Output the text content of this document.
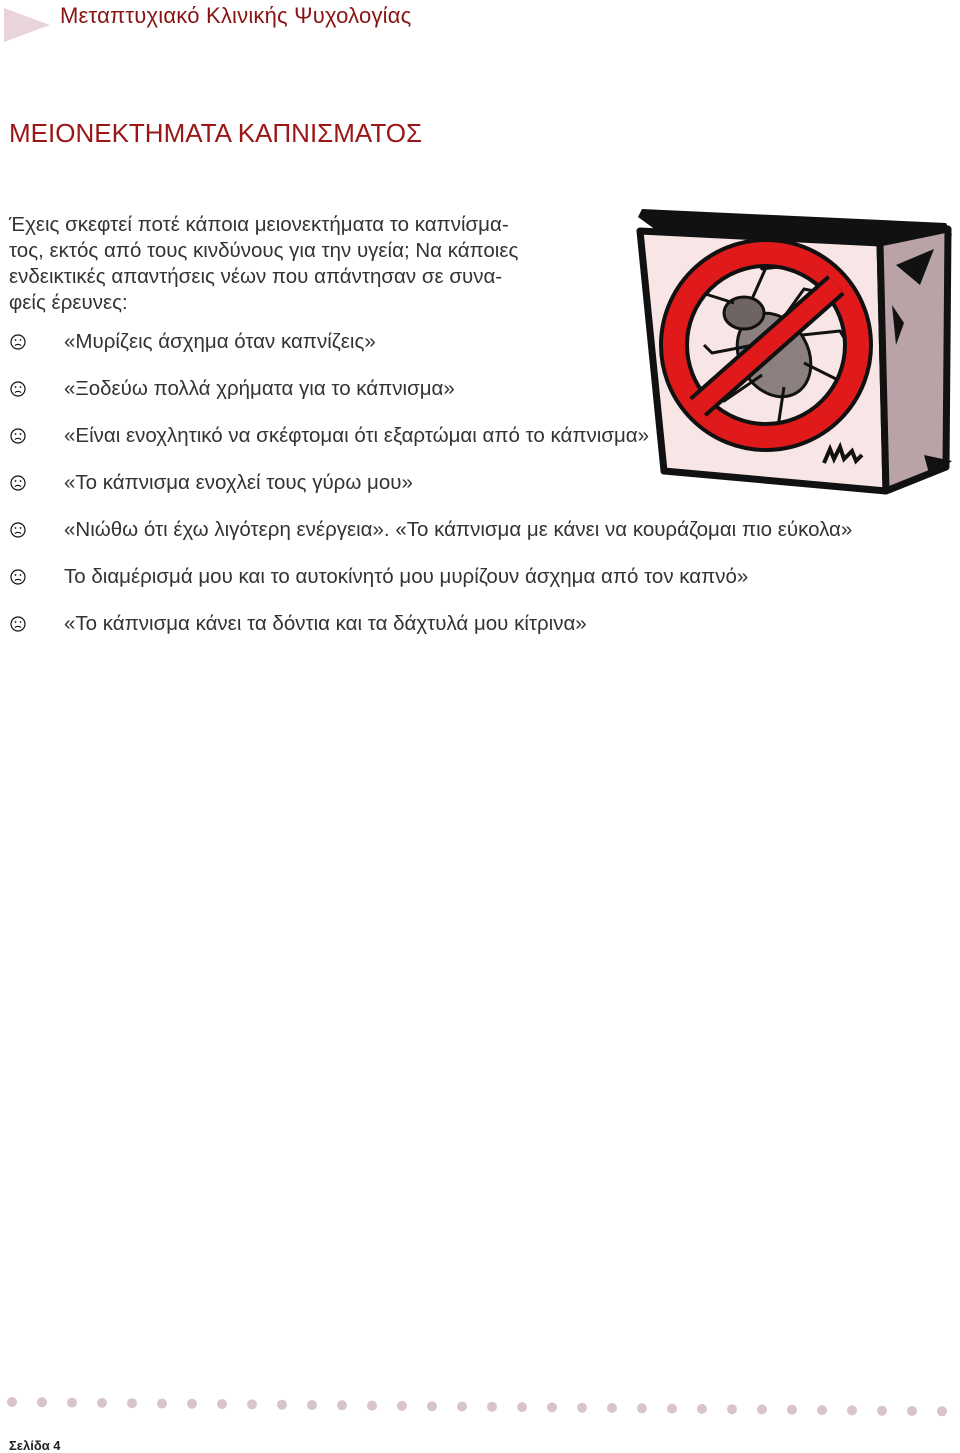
Μεταπτυχιακό Κλινικής Ψυχολογίας
ΜΕΙΟΝΕΚΤΗΜΑΤΑ ΚΑΠΝΙΣΜΑΤΟΣ
Έχεις σκεφτεί ποτέ κάποια μειονεκτήματα το καπνίσμα-
τος, εκτός από τους κινδύνους για την υγεία; Να κάποιες
ενδεικτικές απαντήσεις νέων που απάντησαν σε συνα-
φείς έρευνες:
«Μυρίζεις άσχημα όταν καπνίζεις»
«Ξοδεύω πολλά χρήματα για το κάπνισμα»
«Είναι ενοχλητικό να σκέφτομαι ότι εξαρτώμαι από το κάπνισμα»
«Το κάπνισμα ενοχλεί τους γύρω μου»
«Νιώθω ότι έχω λιγότερη ενέργεια». «Το κάπνισμα με κάνει να κουράζομαι πιο εύκολα»
Το διαμέρισμά μου και το αυτοκίνητό μου μυρίζουν άσχημα από τον καπνό»
«Το κάπνισμα κάνει τα δόντια και τα δάχτυλά μου κίτρινα»
Σελίδα 4
